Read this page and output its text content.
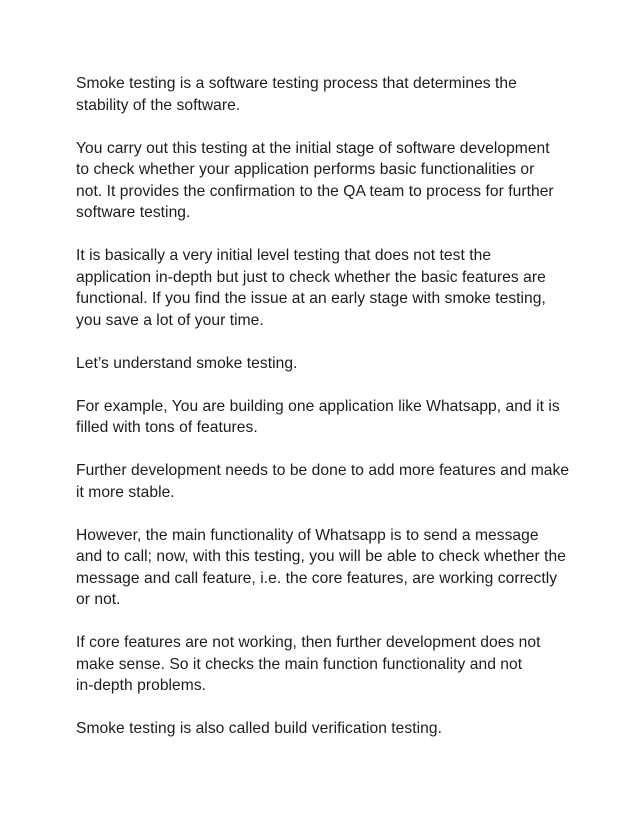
Smoke testing is a software testing process that determines the
stability of the software.

You carry out this testing at the initial stage of software development
to check whether your application performs basic functionalities or
not. It provides the confirmation to the QA team to process for further
software testing.

It is basically a very initial level testing that does not test the
application in-depth but just to check whether the basic features are
functional. If you find the issue at an early stage with smoke testing,
you save a lot of your time.

Let’s understand smoke testing.

For example, You are building one application like Whatsapp, and it is
filled with tons of features.

Further development needs to be done to add more features and make
it more stable.

However, the main functionality of Whatsapp is to send a message
and to call; now, with this testing, you will be able to check whether the
message and call feature, i.e. the core features, are working correctly
or not.

If core features are not working, then further development does not
make sense. So it checks the main function functionality and not
in-depth problems.

Smoke testing is also called build verification testing.
